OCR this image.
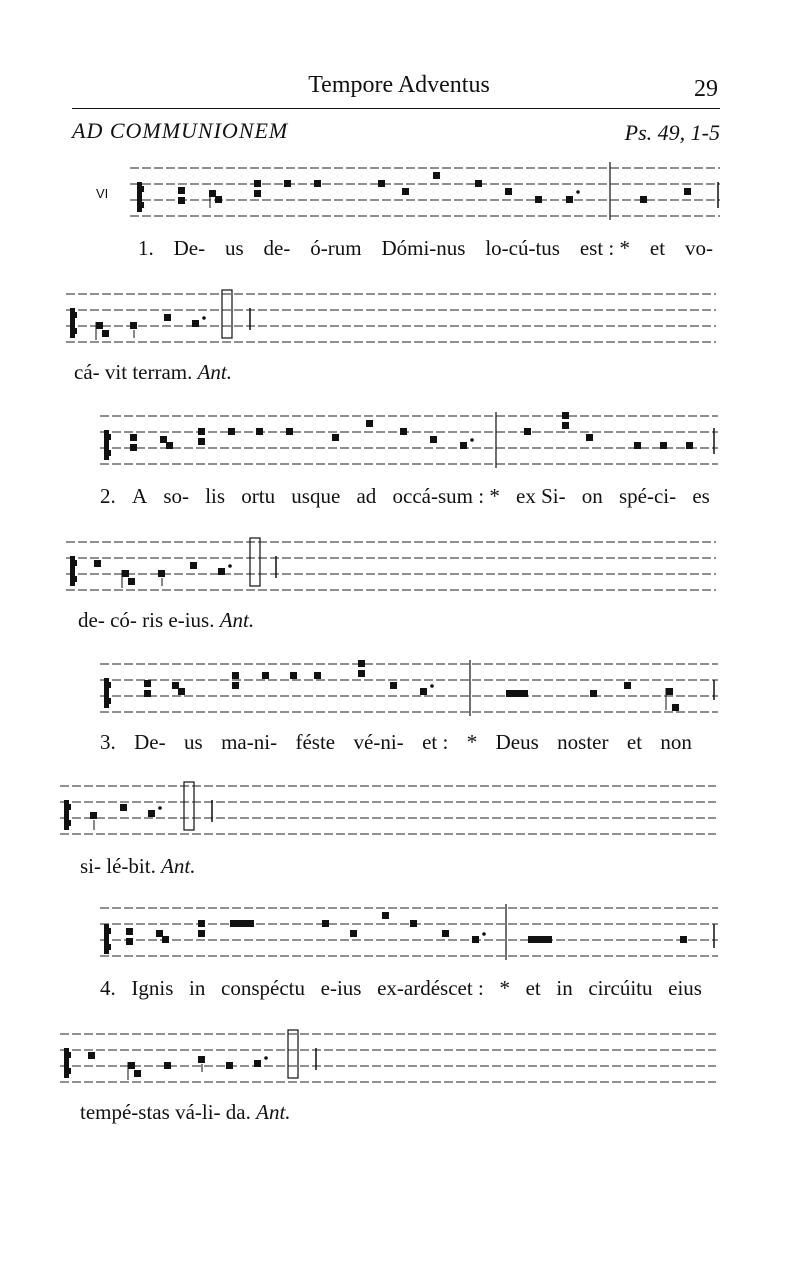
Tempore Adventus	29
AD COMMUNIONEM	Ps. 49, 1-5
VI
1. De- us de- ó-rum Dómi-nus lo-cú-tus est : * et vo-
cá- vit terram. Ant.
2. A so- lis ortu usque ad occá-sum : * ex Si- on spé-ci- es
de- có- ris e-ius. Ant.
3. De- us ma-ni- féste vé-ni- et : * Deus noster et non
si- lé-bit. Ant.
4. Ignis in conspéctu e-ius ex-ardéscet : * et in circúitu eius
tempé-stas vá-li- da. Ant.
